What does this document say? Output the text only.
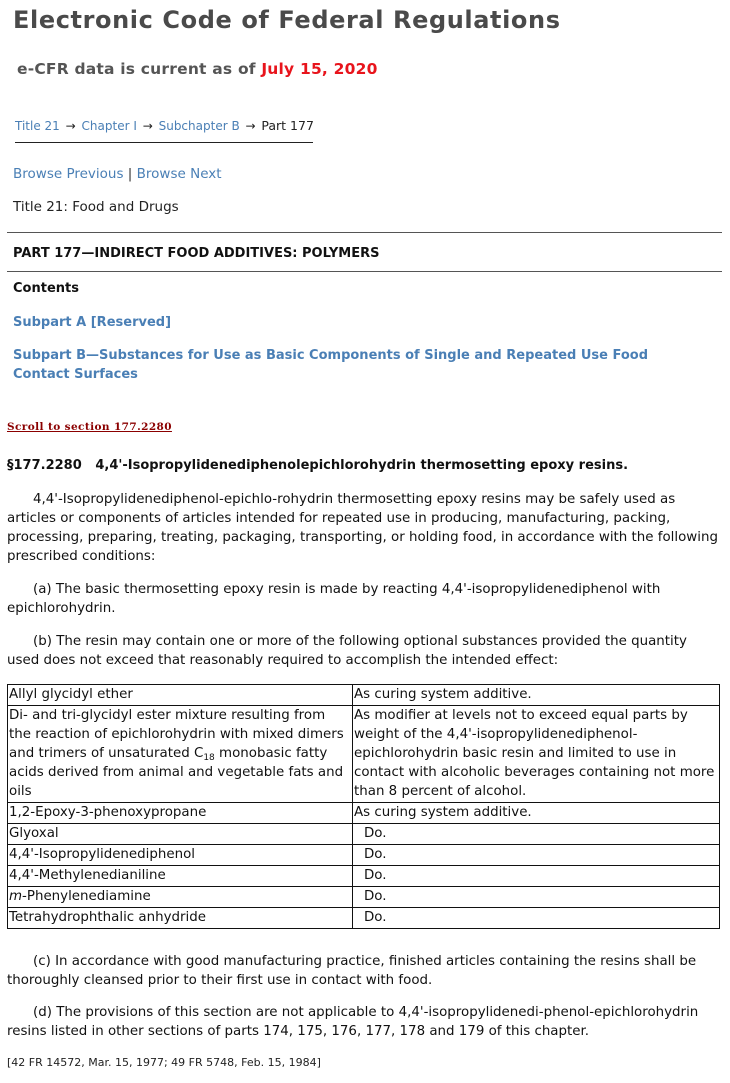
Electronic Code of Federal Regulations
e-CFR data is current as of July 15, 2020
Title 21 → Chapter I → Subchapter B → Part 177
Browse Previous | Browse Next
Title 21: Food and Drugs
PART 177—INDIRECT FOOD ADDITIVES: POLYMERS
Contents
Subpart A [Reserved]
Subpart B—Substances for Use as Basic Components of Single and Repeated Use Food Contact Surfaces
Scroll to section 177.2280
§177.2280 4,4'-Isopropylidenediphenolepichlorohydrin thermosetting epoxy resins.

4,4'-Isopropylidenediphenol-epichlo-rohydrin thermosetting epoxy resins may be safely used as articles or components of articles intended for repeated use in producing, manufacturing, packing, processing, preparing, treating, packaging, transporting, or holding food, in accordance with the following prescribed conditions:

(a) The basic thermosetting epoxy resin is made by reacting 4,4'-isopropylidenediphenol with epichlorohydrin.

(b) The resin may contain one or more of the following optional substances provided the quantity used does not exceed that reasonably required to accomplish the intended effect:

Allyl glycidyl ether	As curing system additive.
Di- and tri-glycidyl ester mixture resulting from the reaction of epichlorohydrin with mixed dimers and trimers of unsaturated $C_{18}$ monobasic fatty acids derived from animal and vegetable fats and oils	As modifier at levels not to exceed equal parts by weight of the 4,4'-isopropylidenediphenol-epichlorohydrin basic resin and limited to use in contact with alcoholic beverages containing not more than 8 percent of alcohol.
1,2-Epoxy-3-phenoxypropane	As curing system additive.
Glyoxal	Do.
4,4'-Isopropylidenediphenol	Do.
4,4'-Methylenedianiline	Do.
m-Phenylenediamine	Do.
Tetrahydrophthalic anhydride	Do.

(c) In accordance with good manufacturing practice, finished articles containing the resins shall be thoroughly cleansed prior to their first use in contact with food.

(d) The provisions of this section are not applicable to 4,4'-isopropylidenedi-phenol-epichlorohydrin resins listed in other sections of parts 174, 175, 176, 177, 178 and 179 of this chapter.

[42 FR 14572, Mar. 15, 1977; 49 FR 5748, Feb. 15, 1984]
